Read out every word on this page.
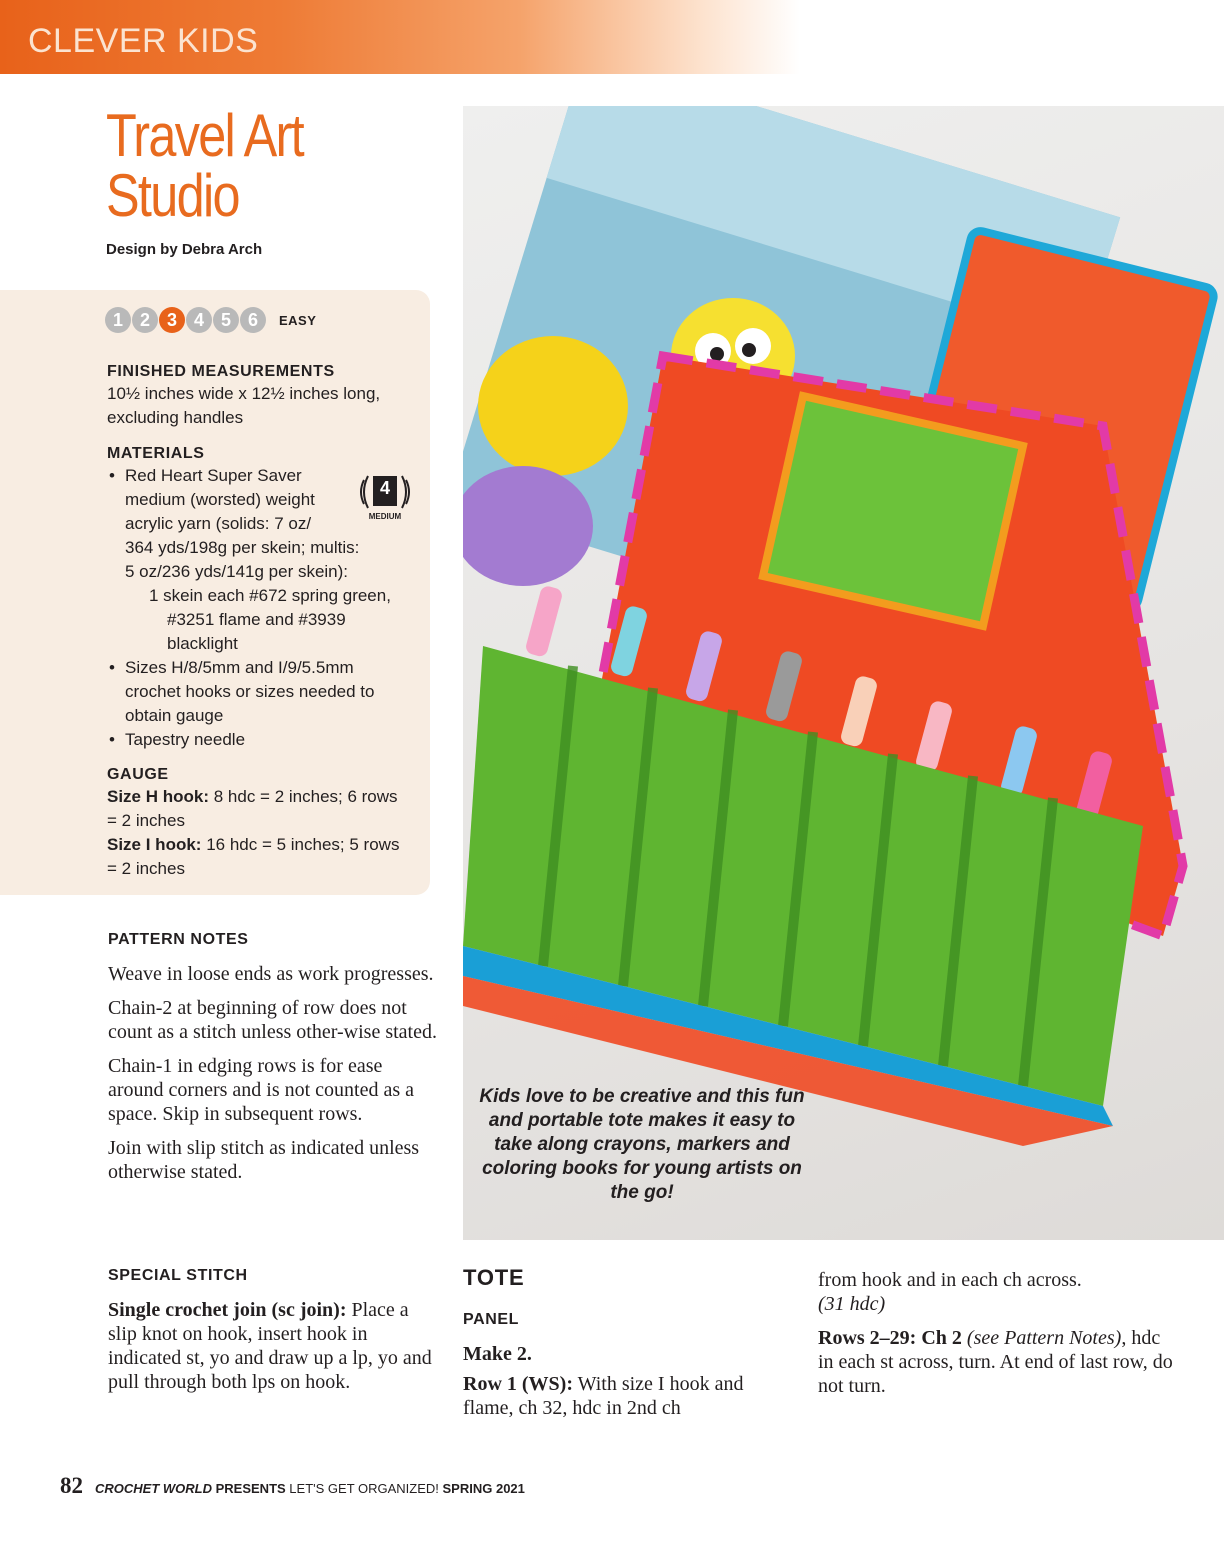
CLEVER KIDS
Travel Art
Studio
Design by Debra Arch
1 2 3 4 5 6	EASY
FINISHED MEASUREMENTS
10½ inches wide x 12½ inches long,
excluding handles
MATERIALS
• Red Heart Super Saver
medium (worsted) weight
acrylic yarn (solids: 7 oz/
364 yds/198g per skein; multis:
5 oz/236 yds/141g per skein):
1 skein each #672 spring green,
#3251 flame and #3939
blacklight
• Sizes H/8/5mm and I/9/5.5mm
crochet hooks or sizes needed to
obtain gauge
• Tapestry needle
4
MEDIUM
GAUGE
Size H hook: 8 hdc = 2 inches; 6 rows
= 2 inches
Size I hook: 16 hdc = 5 inches; 5 rows
= 2 inches
PATTERN NOTES

Weave in loose ends as work progresses.

Chain-2 at beginning of row does not count as a stitch unless other-wise stated.

Chain-1 in edging rows is for ease around corners and is not counted as a space. Skip in subsequent rows.

Join with slip stitch as indicated unless otherwise stated.

SPECIAL STITCH
Single crochet join (sc join): Place a slip knot on hook, insert hook in indicated st, yo and draw up a lp, yo and pull through both lps on hook.
Kids love to be creative and this fun and portable tote makes it easy to take along crayons, markers and coloring books for young artists on the go!
TOTE
PANEL
Make 2.
Row 1 (WS): With size I hook and flame, ch 32, hdc in 2nd ch
from hook and in each ch across.
(31 hdc)
Rows 2–29: Ch 2 (see Pattern Notes), hdc in each st across, turn. At end of last row, do not turn.
82 CROCHET WORLD PRESENTS LET'S GET ORGANIZED! SPRING 2021
